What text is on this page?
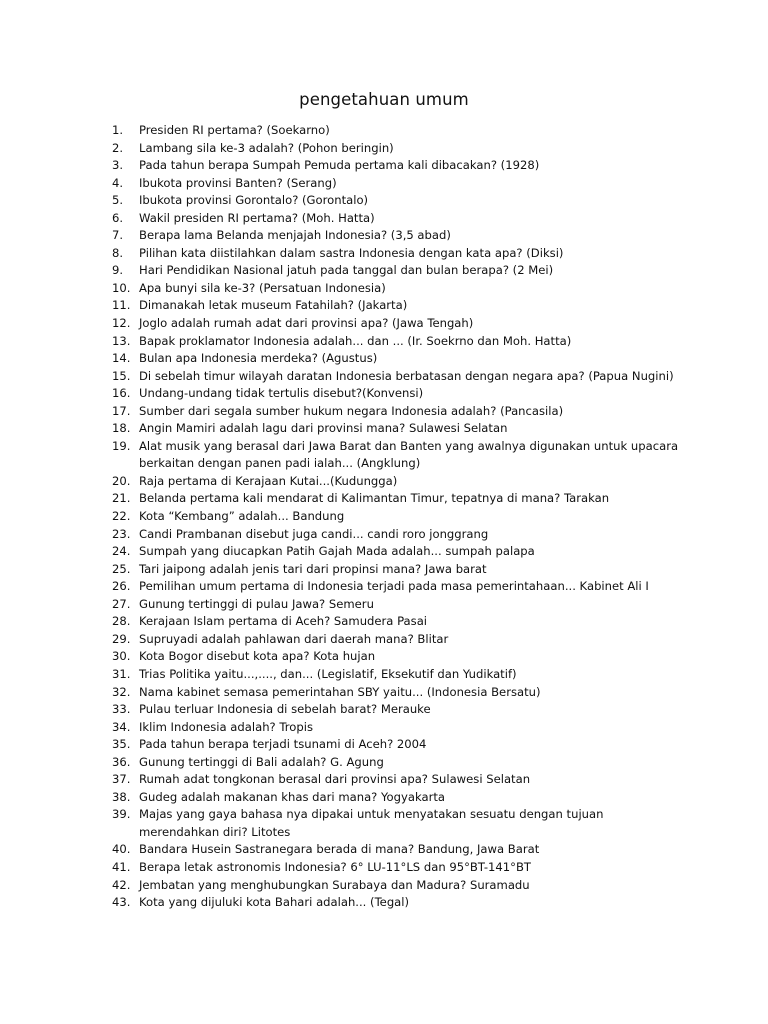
pengetahuan umum
1.	Presiden RI pertama? (Soekarno)
2.	Lambang sila ke-3 adalah? (Pohon beringin)
3.	Pada tahun berapa Sumpah Pemuda pertama kali dibacakan? (1928)
4.	Ibukota provinsi Banten? (Serang)
5.	Ibukota provinsi Gorontalo? (Gorontalo)
6.	Wakil presiden RI pertama? (Moh. Hatta)
7.	Berapa lama Belanda menjajah Indonesia? (3,5 abad)
8.	Pilihan kata diistilahkan dalam sastra Indonesia dengan kata apa? (Diksi)
9.	Hari Pendidikan Nasional jatuh pada tanggal dan bulan berapa? (2 Mei)
10. Apa bunyi sila ke-3? (Persatuan Indonesia)
11. Dimanakah letak museum Fatahilah? (Jakarta)
12. Joglo adalah rumah adat dari provinsi apa? (Jawa Tengah)
13. Bapak proklamator Indonesia adalah... dan ... (Ir. Soekrno dan Moh. Hatta)
14. Bulan apa Indonesia merdeka? (Agustus)
15. Di sebelah timur wilayah daratan Indonesia berbatasan dengan negara apa? (Papua Nugini)
16. Undang-undang tidak tertulis disebut?(Konvensi)
17. Sumber dari segala sumber hukum negara Indonesia adalah? (Pancasila)
18. Angin Mamiri adalah lagu dari provinsi mana? Sulawesi Selatan
19. Alat musik yang berasal dari Jawa Barat dan Banten yang awalnya digunakan untuk upacara
berkaitan dengan panen padi ialah... (Angklung)
20. Raja pertama di Kerajaan Kutai...(Kudungga)
21. Belanda pertama kali mendarat di Kalimantan Timur, tepatnya di mana? Tarakan
22. Kota “Kembang” adalah... Bandung
23. Candi Prambanan disebut juga candi... candi roro jonggrang
24. Sumpah yang diucapkan Patih Gajah Mada adalah... sumpah palapa
25. Tari jaipong adalah jenis tari dari propinsi mana? Jawa barat
26. Pemilihan umum pertama di Indonesia terjadi pada masa pemerintahaan... Kabinet Ali I
27. Gunung tertinggi di pulau Jawa? Semeru
28. Kerajaan Islam pertama di Aceh? Samudera Pasai
29. Supruyadi adalah pahlawan dari daerah mana? Blitar
30. Kota Bogor disebut kota apa? Kota hujan
31. Trias Politika yaitu...,...., dan... (Legislatif, Eksekutif dan Yudikatif)
32. Nama kabinet semasa pemerintahan SBY yaitu... (Indonesia Bersatu)
33. Pulau terluar Indonesia di sebelah barat? Merauke
34. Iklim Indonesia adalah? Tropis
35. Pada tahun berapa terjadi tsunami di Aceh? 2004
36. Gunung tertinggi di Bali adalah? G. Agung
37. Rumah adat tongkonan berasal dari provinsi apa? Sulawesi Selatan
38. Gudeg adalah makanan khas dari mana? Yogyakarta
39. Majas yang gaya bahasa nya dipakai untuk menyatakan sesuatu dengan tujuan
merendahkan diri? Litotes
40. Bandara Husein Sastranegara berada di mana? Bandung, Jawa Barat
41. Berapa letak astronomis Indonesia? 6° LU-11°LS dan 95°BT-141°BT
42. Jembatan yang menghubungkan Surabaya dan Madura? Suramadu
43. Kota yang dijuluki kota Bahari adalah... (Tegal)
